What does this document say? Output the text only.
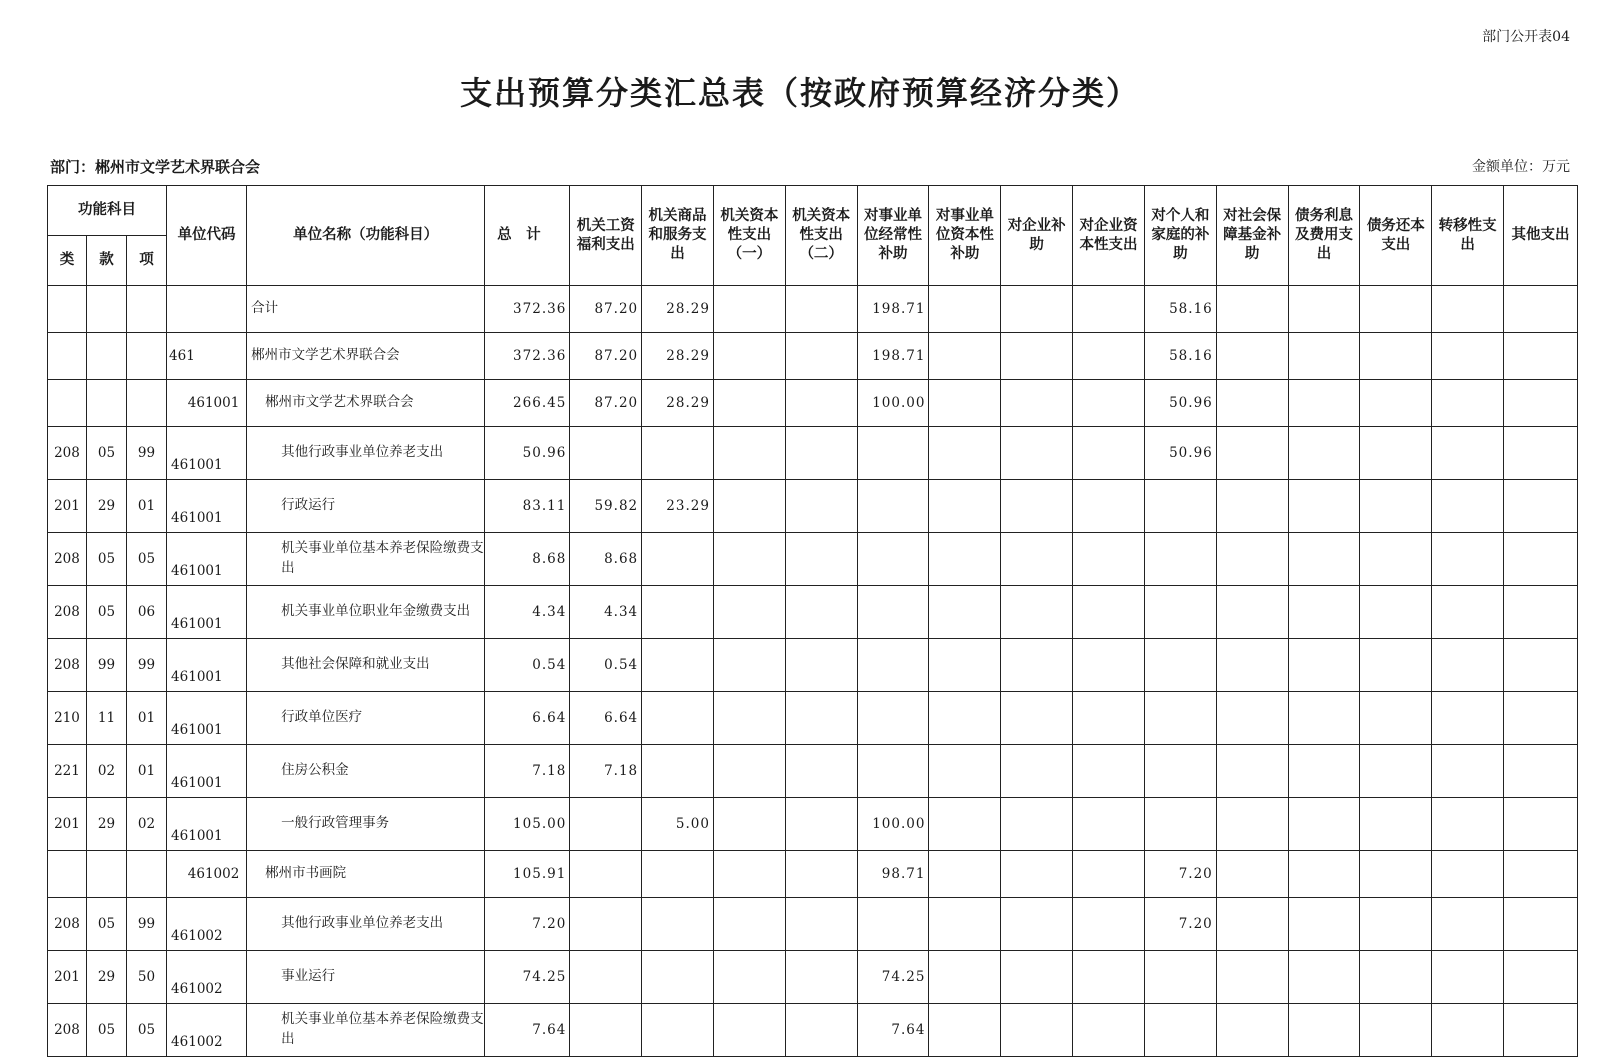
部门公开表04
支出预算分类汇总表（按政府预算经济分类）
部门：郴州市文学艺术界联合会	金额单位：万元
功能科目			单位代码	单位名称（功能科目）	总　计	机关工资福利支出	机关商品和服务支出	机关资本性支出（一）	机关资本性支出（二）	对事业单位经常性补助	对事业单位资本性补助	对企业补助	对企业资本性支出	对个人和家庭的补助	对社会保障基金补助	债务利息及费用支出	债务还本支出	转移性支出	其他支出
类	款	项																	
				合计	372.36	87.20	28.29			198.71				58.16					
			461	郴州市文学艺术界联合会	372.36	87.20	28.29			198.71				58.16					
			461001	郴州市文学艺术界联合会	266.45	87.20	28.29			100.00				50.96					
208	05	99	461001	其他行政事业单位养老支出	50.96									50.96					
201	29	01	461001	行政运行	83.11	59.82	23.29												
208	05	05	461001	机关事业单位基本养老保险缴费支出	8.68	8.68													
208	05	06	461001	机关事业单位职业年金缴费支出	4.34	4.34													
208	99	99	461001	其他社会保障和就业支出	0.54	0.54													
210	11	01	461001	行政单位医疗	6.64	6.64													
221	02	01	461001	住房公积金	7.18	7.18													
201	29	02	461001	一般行政管理事务	105.00		5.00			100.00									
			461002	郴州市书画院	105.91					98.71				7.20					
208	05	99	461002	其他行政事业单位养老支出	7.20									7.20					
201	29	50	461002	事业运行	74.25					74.25									
208	05	05	461002	机关事业单位基本养老保险缴费支出	7.64					7.64									
